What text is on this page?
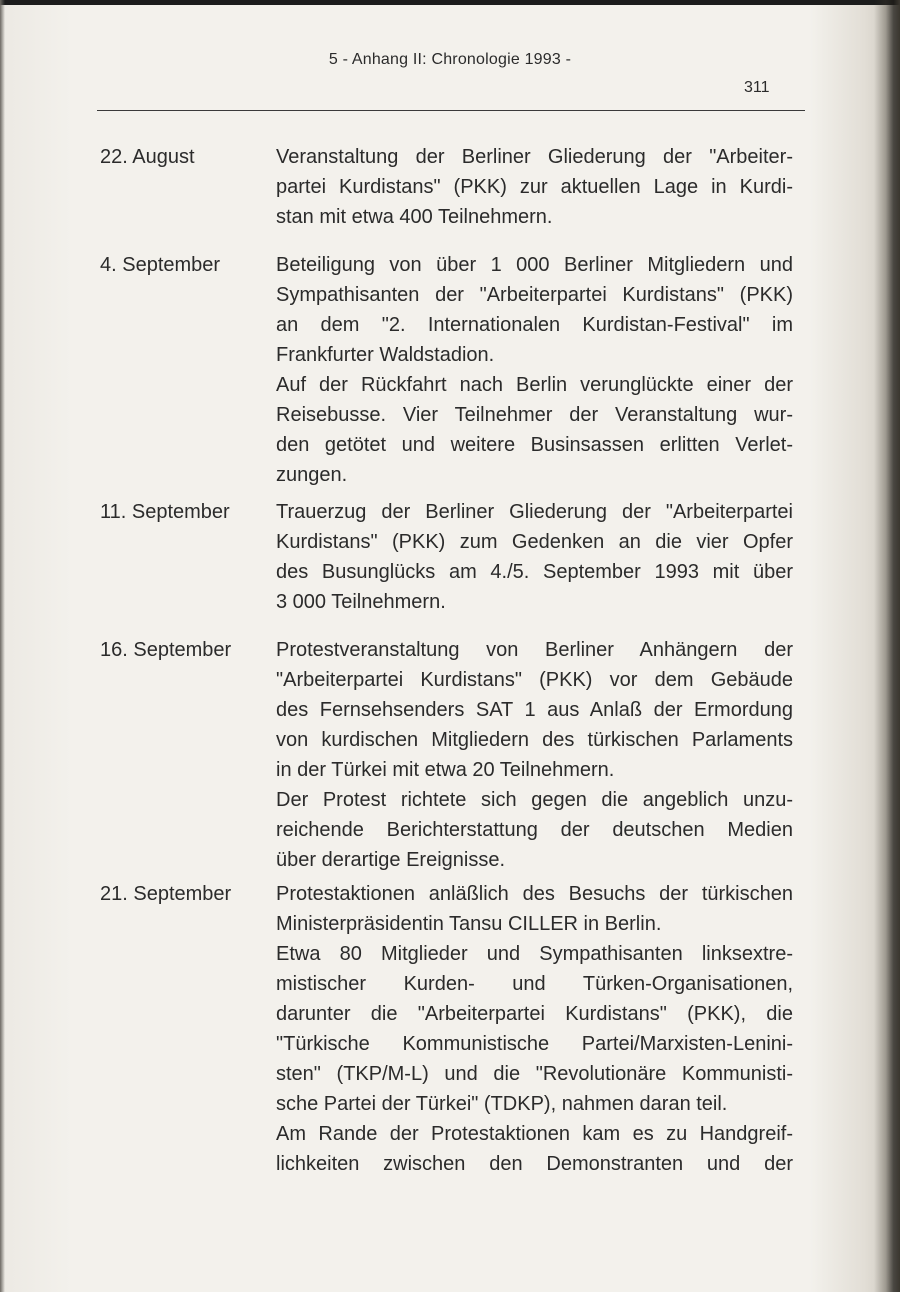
5 - Anhang II: Chronologie 1993 -
311
22. August	Veranstaltung der Berliner Gliederung der "Arbeiter-
partei Kurdistans" (PKK) zur aktuellen Lage in Kurdi-
stan mit etwa 400 Teilnehmern.
4. September	Beteiligung von über 1 000 Berliner Mitgliedern und
Sympathisanten der "Arbeiterpartei Kurdistans" (PKK)
an dem "2. Internationalen Kurdistan-Festival" im
Frankfurter Waldstadion.
Auf der Rückfahrt nach Berlin verunglückte einer der
Reisebusse. Vier Teilnehmer der Veranstaltung wur-
den getötet und weitere Businsassen erlitten Verlet-
zungen.
11. September Trauerzug der Berliner Gliederung der "Arbeiterpartei
Kurdistans" (PKK) zum Gedenken an die vier Opfer
des Busunglücks am 4./5. September 1993 mit über
3 000 Teilnehmern.
16. September Protestveranstaltung von Berliner Anhängern der
"Arbeiterpartei Kurdistans" (PKK) vor dem Gebäude
des Fernsehsenders SAT 1 aus Anlaß der Ermordung
von kurdischen Mitgliedern des türkischen Parlaments
in der Türkei mit etwa 20 Teilnehmern.
Der Protest richtete sich gegen die angeblich unzu-
reichende Berichterstattung der deutschen Medien
über derartige Ereignisse.
21. September Protestaktionen anläßlich des Besuchs der türkischen
Ministerpräsidentin Tansu CILLER in Berlin.
Etwa 80 Mitglieder und Sympathisanten linksextre-
mistischer Kurden- und Türken-Organisationen,
darunter die "Arbeiterpartei Kurdistans" (PKK), die
"Türkische Kommunistische Partei/Marxisten-Lenini-
sten" (TKP/M-L) und die "Revolutionäre Kommunisti-
sche Partei der Türkei" (TDKP), nahmen daran teil.
Am Rande der Protestaktionen kam es zu Handgreif-
lichkeiten zwischen den Demonstranten und der
